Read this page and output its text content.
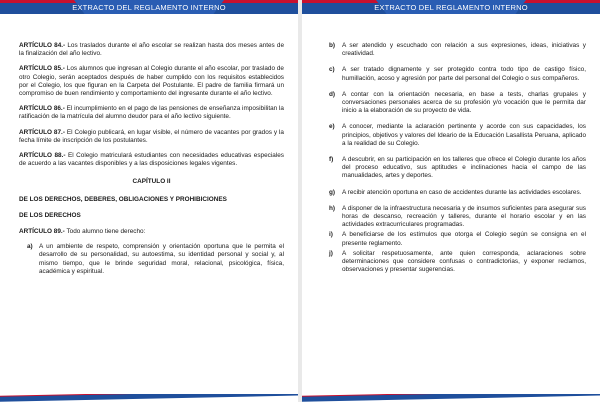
EXTRACTO DEL REGLAMENTO INTERNO

ARTÍCULO 84.- Los traslados durante el año escolar se realizan hasta dos meses antes de la finalización del año lectivo.

ARTÍCULO 85.- Los alumnos que ingresan al Colegio durante el año escolar, por traslado de otro Colegio, serán aceptados después de haber cumplido con los requisitos establecidos por el Colegio, los que figuran en la Carpeta del Postulante. El padre de familia firmará un compromiso de buen rendimiento y comportamiento del ingresante durante el año lectivo.

ARTÍCULO 86.- El incumplimiento en el pago de las pensiones de enseñanza imposibilitan la ratificación de la matrícula del alumno deudor para el año lectivo siguiente.

ARTÍCULO 87.- El Colegio publicará, en lugar visible, el número de vacantes por grados y la fecha límite de inscripción de los postulantes.

ARTÍCULO 88.- El Colegio matriculará estudiantes con necesidades educativas especiales de acuerdo a las vacantes disponibles y a las disposiciones legales vigentes.

CAPÍTULO II

DE LOS DERECHOS, DEBERES, OBLIGACIONES Y PROHIBICIONES

DE LOS DERECHOS

ARTÍCULO 89.- Todo alumno tiene derecho:

a) A un ambiente de respeto, comprensión y orientación oportuna que le permita el desarrollo de su personalidad, su autoestima, su identidad personal y social y, al mismo tiempo, que le brinde seguridad moral, relacional, psicológica, física, académica y espiritual.
EXTRACTO DEL REGLAMENTO INTERNO
b)	A ser atendido y escuchado con relación a sus expresiones, ideas, iniciativas y creatividad.
c)	A ser tratado dignamente y ser protegido contra todo tipo de castigo físico, humillación, acoso y agresión por parte del personal del Colegio o sus compañeros.
d)	A contar con la orientación necesaria, en base a tests, charlas grupales y conversaciones personales acerca de su profesión y/o vocación que le permita dar inicio a la elaboración de su proyecto de vida.
e)	A conocer, mediante la aclaración pertinente y acorde con sus capacidades, los principios, objetivos y valores del Ideario de la Educación Lasallista Peruana, aplicado a la realidad de su Colegio.
f)	A descubrir, en su participación en los talleres que ofrece el Colegio durante los años del proceso educativo, sus aptitudes e inclinaciones hacia el campo de las manualidades, artes y deportes.
g)	A recibir atención oportuna en caso de accidentes durante las actividades escolares.
h)	A disponer de la infraestructura necesaria y de insumos suficientes para asegurar sus horas de descanso, recreación y talleres, durante el horario escolar y en las actividades extracurriculares programadas.
i)	A beneficiarse de los estímulos que otorga el Colegio según se consigna en el presente reglamento.
j)	A solicitar respetuosamente, ante quien corresponda, aclaraciones sobre determinaciones que considere confusas o contradictorias, y exponer reclamos, observaciones y presentar sugerencias.
